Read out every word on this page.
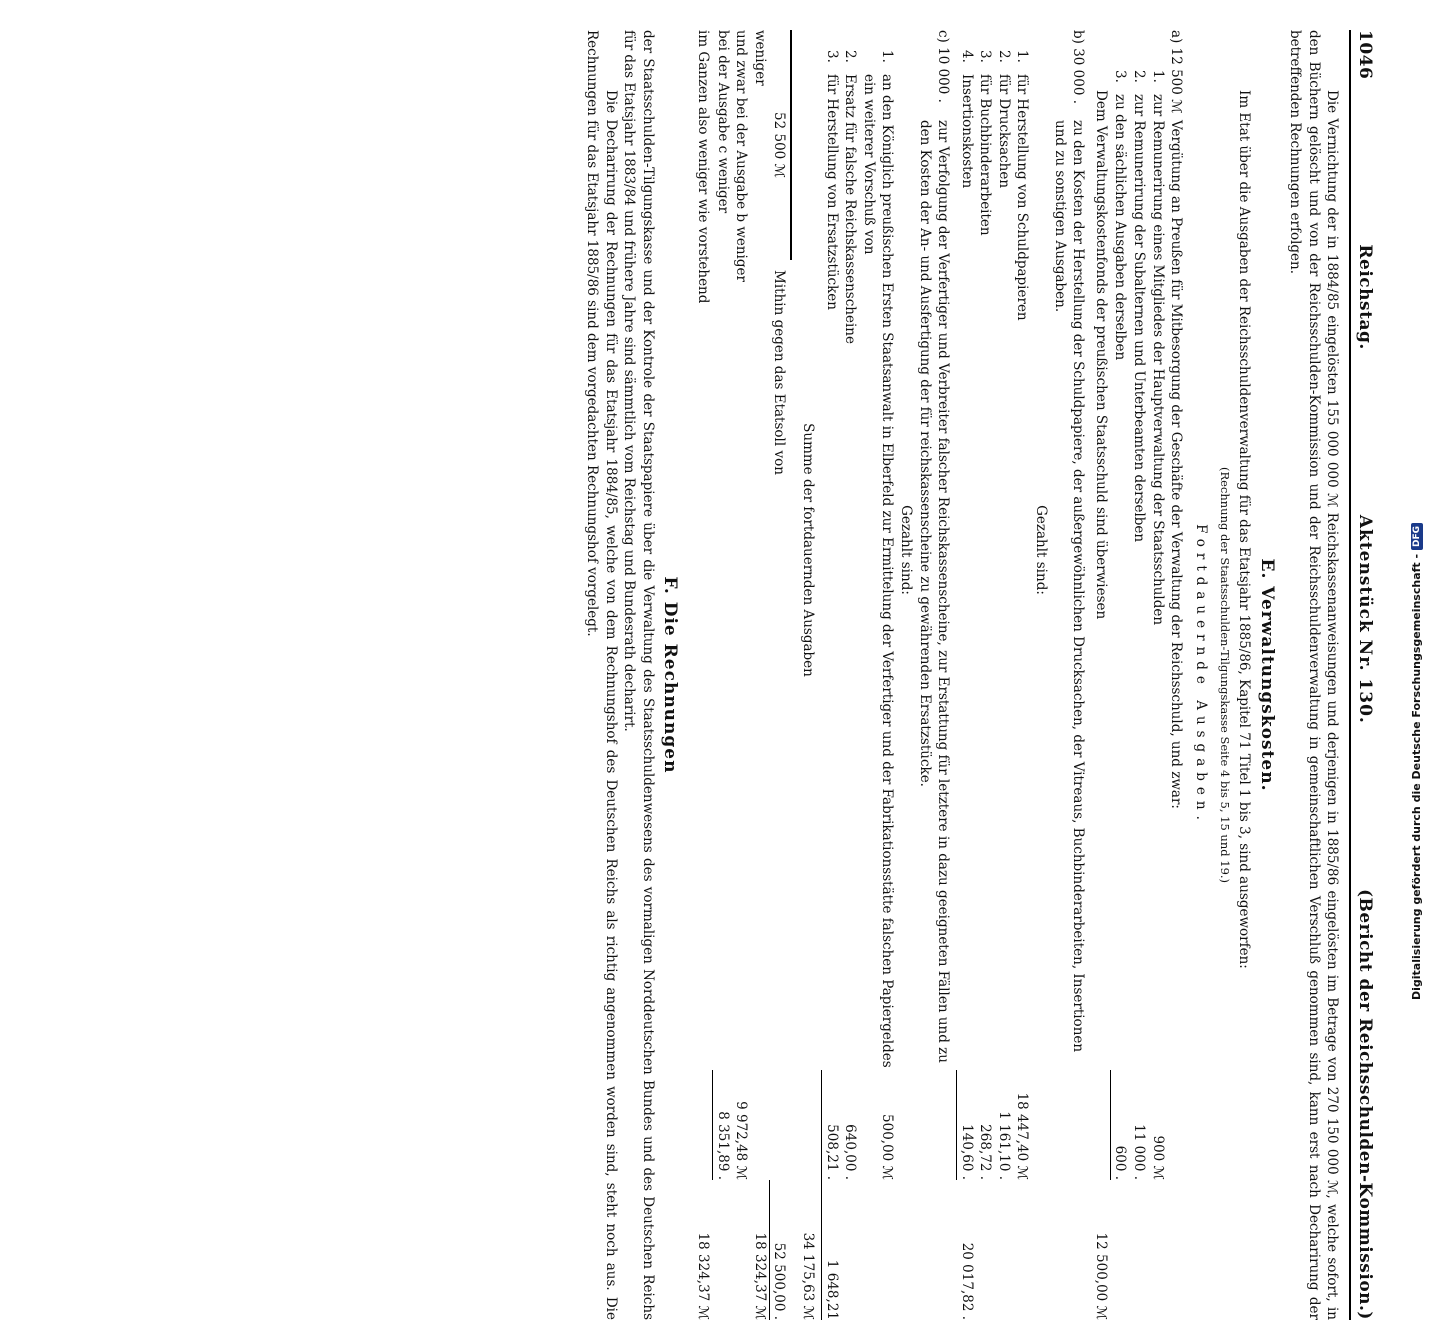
1046
Reichstag.
Aktenstück Nr. 130.
(Bericht der Reichsschulden-Kommission.)

Die Vernichtung der in 1884/85 eingelösten 155 000 000 ℳ Reichskassenanweisungen und derjenigen in 1885/86 eingelösten im Betrage von 270 150 000 ℳ, welche sofort, in den Büchern gelöscht und von der Reichsschulden-Kommission und der Reichsschuldenverwaltung in gemeinschaftlichen Verschluß genommen sind, kann erst nach Decharirung der betreffenden Rechnungen erfolgen.

E. Verwaltungskosten.

Im Etat über die Ausgaben der Reichsschuldenverwaltung für das Etatsjahr 1885/86, Kapitel 71 Titel 1 bis 3, sind ausgeworfen:

(Rechnung der Staatsschulden-Tilgungskasse Seite 4 bis 5, 15 und 19.)
Fortdauernde Ausgaben.
a) 12 500 ℳ
Vergütung an Preußen für Mitbesorgung der Geschäfte der Verwaltung der Reichsschuld, und zwar:
1.
zur Remunerirung eines Mitgliedes der Hauptverwaltung der Staatsschulden
900 ℳ
2.
zur Remunerirung der Subalternen und Unterbeamten derselben
11 000 .
3.
zu den sächlichen Ausgaben derselben
600 .
Dem Verwaltungskostenfonds der preußischen Staatsschuld sind überwiesen
12 500,00 ℳ
b) 30 000 .
zu den Kosten der Herstellung der Schuldpapiere, der außergewöhnlichen Drucksachen, der Vitreaus, Buchbinderarbeiten, Insertionen und zu sonstigen Ausgaben.
Gezahlt sind:
1.
für Herstellung von Schuldpapieren
18 447,40 ℳ
2.
für Drucksachen
1 161,10 .
3.
für Buchbinderarbeiten
268,72 .
4.
Insertionskosten
140,60 .
20 017,82 .
c) 10 000 .
zur Verfolgung der Verfertiger und Verbreiter falscher Reichskassenscheine, zur Erstattung für letztere in dazu geeigneten Fällen und zu den Kosten der An- und Ausfertigung der für reichskassenscheine zu gewährenden Ersatzstücke.
Gezahlt sind:
1.
an den Königlich preußischen Ersten Staatsanwalt in Elberfeld zur Ermittelung der Verfertiger und der Fabrikationsstätte falschen Papiergeldes ein weiterer Vorschuß von
500,00 ℳ
2.
Ersatz für falsche Reichskassenscheine
640,00 .
3.
für Herstellung von Ersatzstücken
508,21 .
1 648,21
Summe der fortdauernden Ausgaben
34 175,63 ℳ
52 500 ℳ
Mithin gegen das Etatsoll von
52 500,00 .
weniger
18 324,37 ℳ
und zwar bei der Ausgabe b weniger
9 972,48 ℳ
bei der Ausgabe c weniger
8 351,89 .
im Ganzen also weniger wie vorstehend
18 324,37 ℳ
F. Die Rechnungen

der Staatsschulden-Tilgungskasse und der Kontrole der Staatspapiere über die Verwaltung des Staatsschuldenwesens des vormaligen Norddeutschen Bundes und des Deutschen Reichs für das Etatsjahr 1883/84 und frühere Jahre sind sämmtlich vom Reichstag und Bundesrath decharirt.

Die Decharirung der Rechnungen für das Etatsjahr 1884/85, welche von dem Rechnungshof des Deutschen Reichs als richtig angenommen worden sind, steht noch aus. Die Rechnungen für das Etatsjahr 1885/86 sind dem vorgedachten Rechnungshof vorgelegt.

Digitalisierung gefördert durch die Deutsche Forschungsgemeinschaft -
DFG
